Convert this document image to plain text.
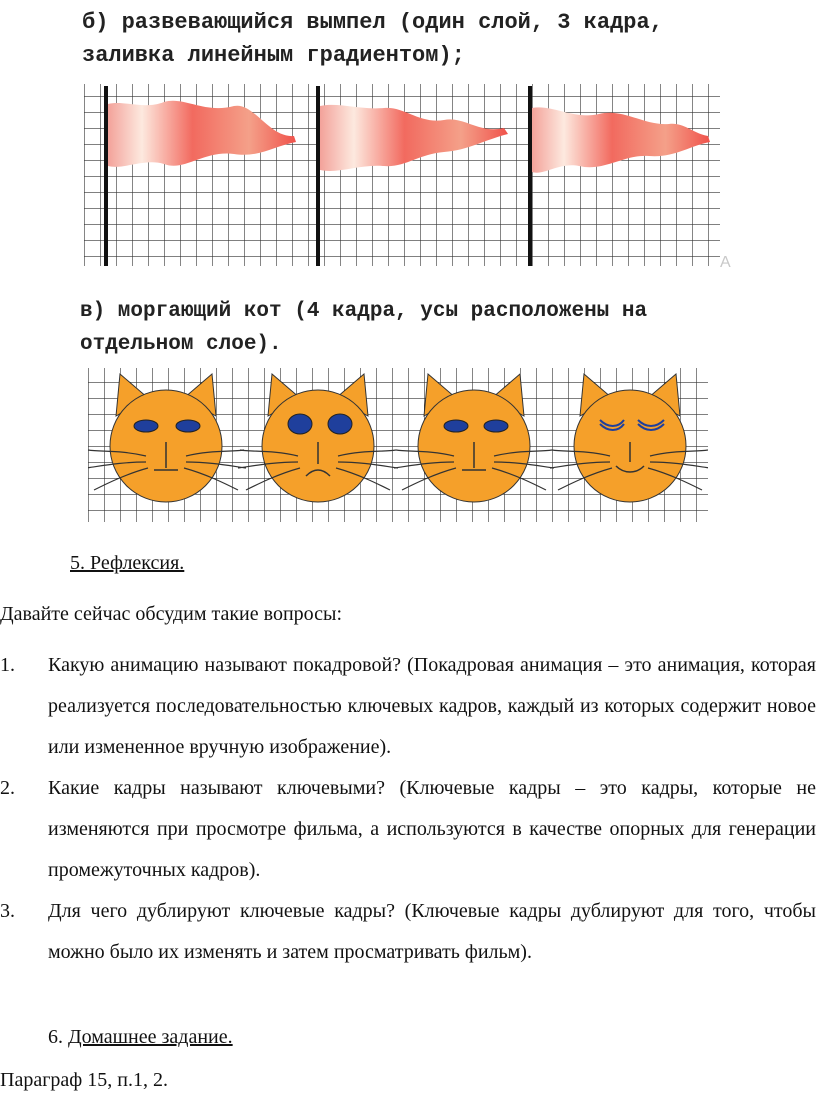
б) развевающийся вымпел (один слой, 3 кадра,
заливка линейным градиентом);
A
в) моргающий кот (4 кадра, усы расположены на
отдельном слое).
5. Рефлексия.
Давайте сейчас обсудим такие вопросы:
1. Какую анимацию называют покадровой? (Покадровая анимация – это анимация, которая реализуется последовательностью ключевых кадров, каждый из которых содержит новое или измененное вручную изображение).
2. Какие кадры называют ключевыми? (Ключевые кадры – это кадры, которые не изменяются при просмотре фильма, а используются в качестве опорных для генерации промежуточных кадров).
3. Для чего дублируют ключевые кадры? (Ключевые кадры дублируют для того, чтобы можно было их изменять и затем просматривать фильм).
6. Домашнее задание.
Параграф 15, п.1, 2.
